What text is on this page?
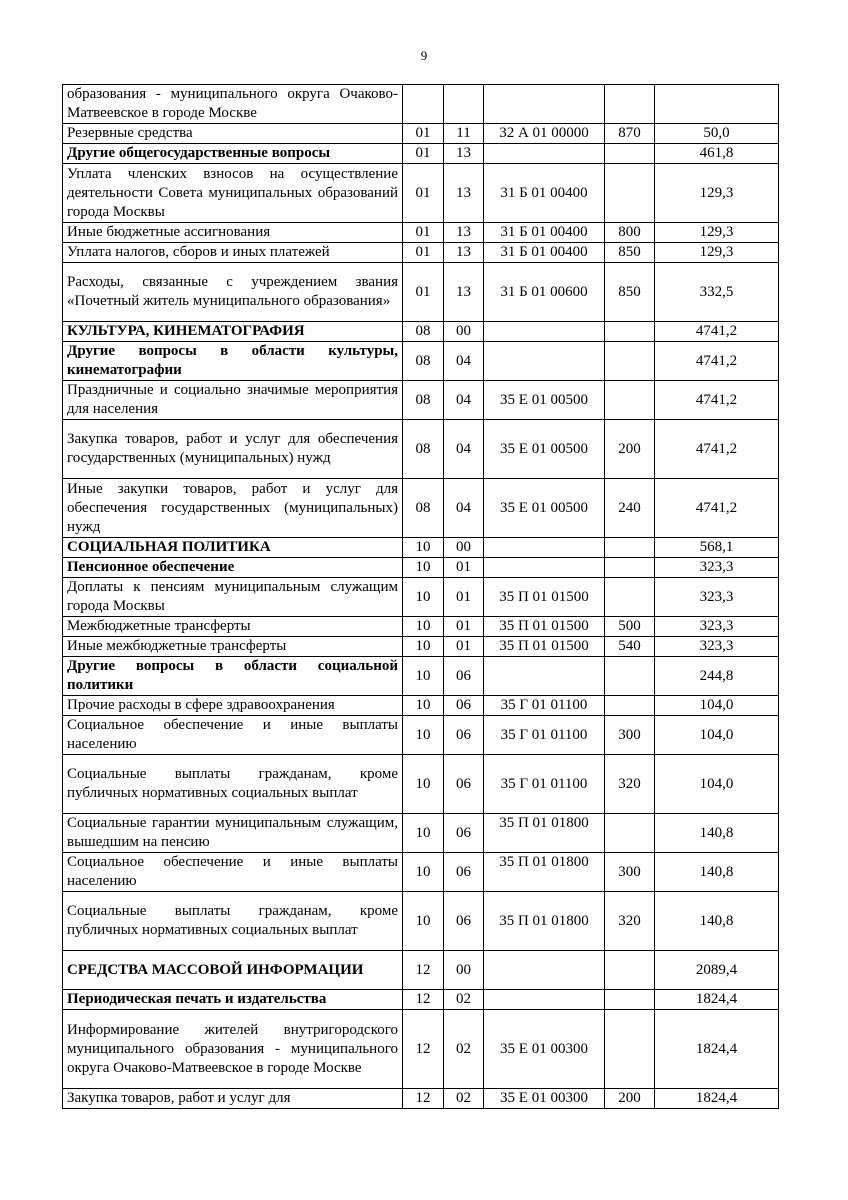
9
образования - муниципального округа Очаково-Матвеевское в городе Москве					
Резервные средства	01	11	32 А 01 00000	870	50,0
Другие общегосударственные вопросы	01	13			461,8
Уплата членских взносов на осуществление деятельности Совета муниципальных образований города Москвы	01	13	31 Б 01 00400		129,3
Иные бюджетные ассигнования	01	13	31 Б 01 00400	800	129,3
Уплата налогов, сборов и иных платежей	01	13	31 Б 01 00400	850	129,3
Расходы, связанные с учреждением звания «Почетный житель муниципального образования»	01	13	31 Б 01 00600	850	332,5
КУЛЬТУРА, КИНЕМАТОГРАФИЯ	08	00			4741,2
Другие вопросы в области культуры, кинематографии	08	04			4741,2
Праздничные и социально значимые мероприятия для населения	08	04	35 Е 01 00500		4741,2
Закупка товаров, работ и услуг для обеспечения государственных (муниципальных) нужд	08	04	35 Е 01 00500	200	4741,2
Иные закупки товаров, работ и услуг для обеспечения государственных (муниципальных) нужд	08	04	35 Е 01 00500	240	4741,2
СОЦИАЛЬНАЯ ПОЛИТИКА	10	00			568,1
Пенсионное обеспечение	10	01			323,3
Доплаты к пенсиям муниципальным служащим города Москвы	10	01	35 П 01 01500		323,3
Межбюджетные трансферты	10	01	35 П 01 01500	500	323,3
Иные межбюджетные трансферты	10	01	35 П 01 01500	540	323,3
Другие вопросы в области социальной политики	10	06			244,8
Прочие расходы в сфере здравоохранения	10	06	35 Г 01 01100		104,0
Социальное обеспечение и иные выплаты населению	10	06	35 Г 01 01100	300	104,0
Социальные выплаты гражданам, кроме публичных нормативных социальных выплат	10	06	35 Г 01 01100	320	104,0
Социальные гарантии муниципальным служащим, вышедшим на пенсию	10	06	35 П 01 01800		140,8
Социальное обеспечение и иные выплаты населению	10	06	35 П 01 01800	300	140,8
Социальные выплаты гражданам, кроме публичных нормативных социальных выплат	10	06	35 П 01 01800	320	140,8
СРЕДСТВА МАССОВОЙ ИНФОРМАЦИИ	12	00			2089,4
Периодическая печать и издательства	12	02			1824,4
Информирование жителей внутригородского муниципального образования - муниципального округа Очаково-Матвеевское в городе Москве	12	02	35 Е 01 00300		1824,4
Закупка товаров, работ и услуг для	12	02	35 Е 01 00300	200	1824,4
